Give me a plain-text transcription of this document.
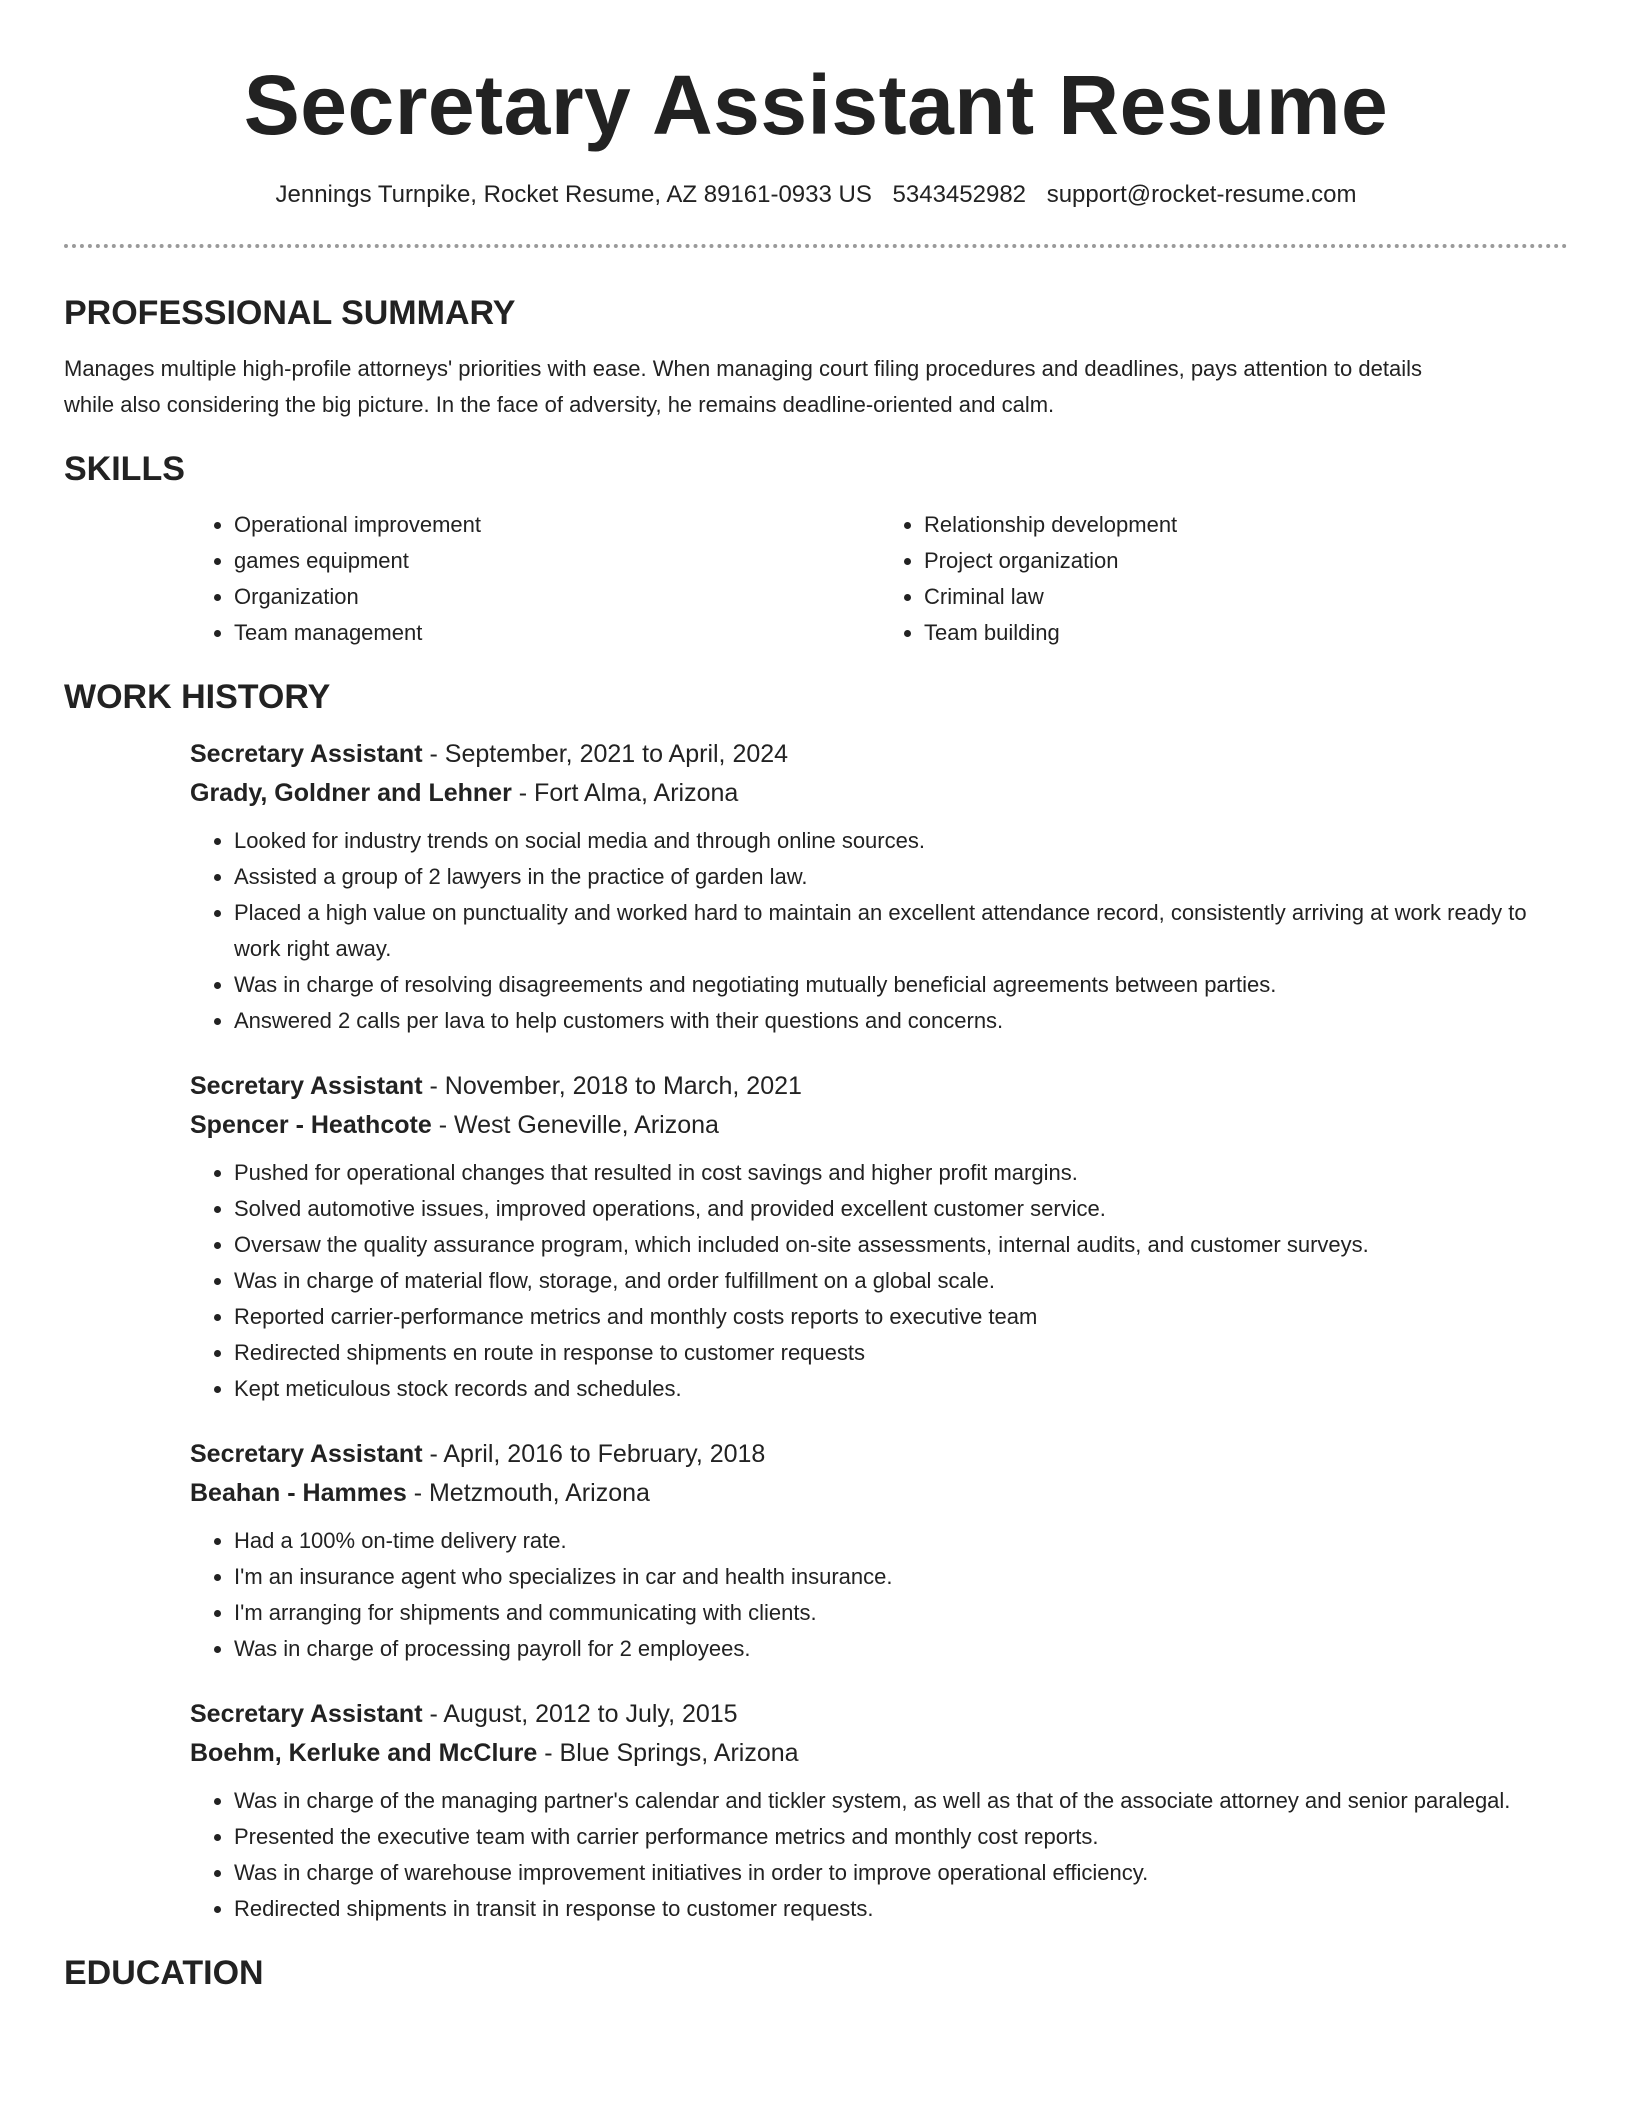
Secretary Assistant Resume
Jennings Turnpike, Rocket Resume, AZ 89161-0933 US 5343452982 support@rocket-resume.com
PROFESSIONAL SUMMARY

Manages multiple high-profile attorneys' priorities with ease. When managing court filing procedures and deadlines, pays attention to details while also considering the big picture. In the face of adversity, he remains deadline-oriented and calm.

SKILLS
• Operational improvement
• games equipment
• Organization
• Team management
• Relationship development
• Project organization
• Criminal law
• Team building
WORK HISTORY
Secretary Assistant - September, 2021 to April, 2024
Grady, Goldner and Lehner - Fort Alma, Arizona
• Looked for industry trends on social media and through online sources.
• Assisted a group of 2 lawyers in the practice of garden law.
• Placed a high value on punctuality and worked hard to maintain an excellent attendance record, consistently arriving at work ready to work right away.
• Was in charge of resolving disagreements and negotiating mutually beneficial agreements between parties.
• Answered 2 calls per lava to help customers with their questions and concerns.
Secretary Assistant - November, 2018 to March, 2021
Spencer - Heathcote - West Geneville, Arizona
• Pushed for operational changes that resulted in cost savings and higher profit margins.
• Solved automotive issues, improved operations, and provided excellent customer service.
• Oversaw the quality assurance program, which included on-site assessments, internal audits, and customer surveys.
• Was in charge of material flow, storage, and order fulfillment on a global scale.
• Reported carrier-performance metrics and monthly costs reports to executive team
• Redirected shipments en route in response to customer requests
• Kept meticulous stock records and schedules.
Secretary Assistant - April, 2016 to February, 2018
Beahan - Hammes - Metzmouth, Arizona
• Had a 100% on-time delivery rate.
• I'm an insurance agent who specializes in car and health insurance.
• I'm arranging for shipments and communicating with clients.
• Was in charge of processing payroll for 2 employees.
Secretary Assistant - August, 2012 to July, 2015
Boehm, Kerluke and McClure - Blue Springs, Arizona
• Was in charge of the managing partner's calendar and tickler system, as well as that of the associate attorney and senior paralegal.
• Presented the executive team with carrier performance metrics and monthly cost reports.
• Was in charge of warehouse improvement initiatives in order to improve operational efficiency.
• Redirected shipments in transit in response to customer requests.
EDUCATION
